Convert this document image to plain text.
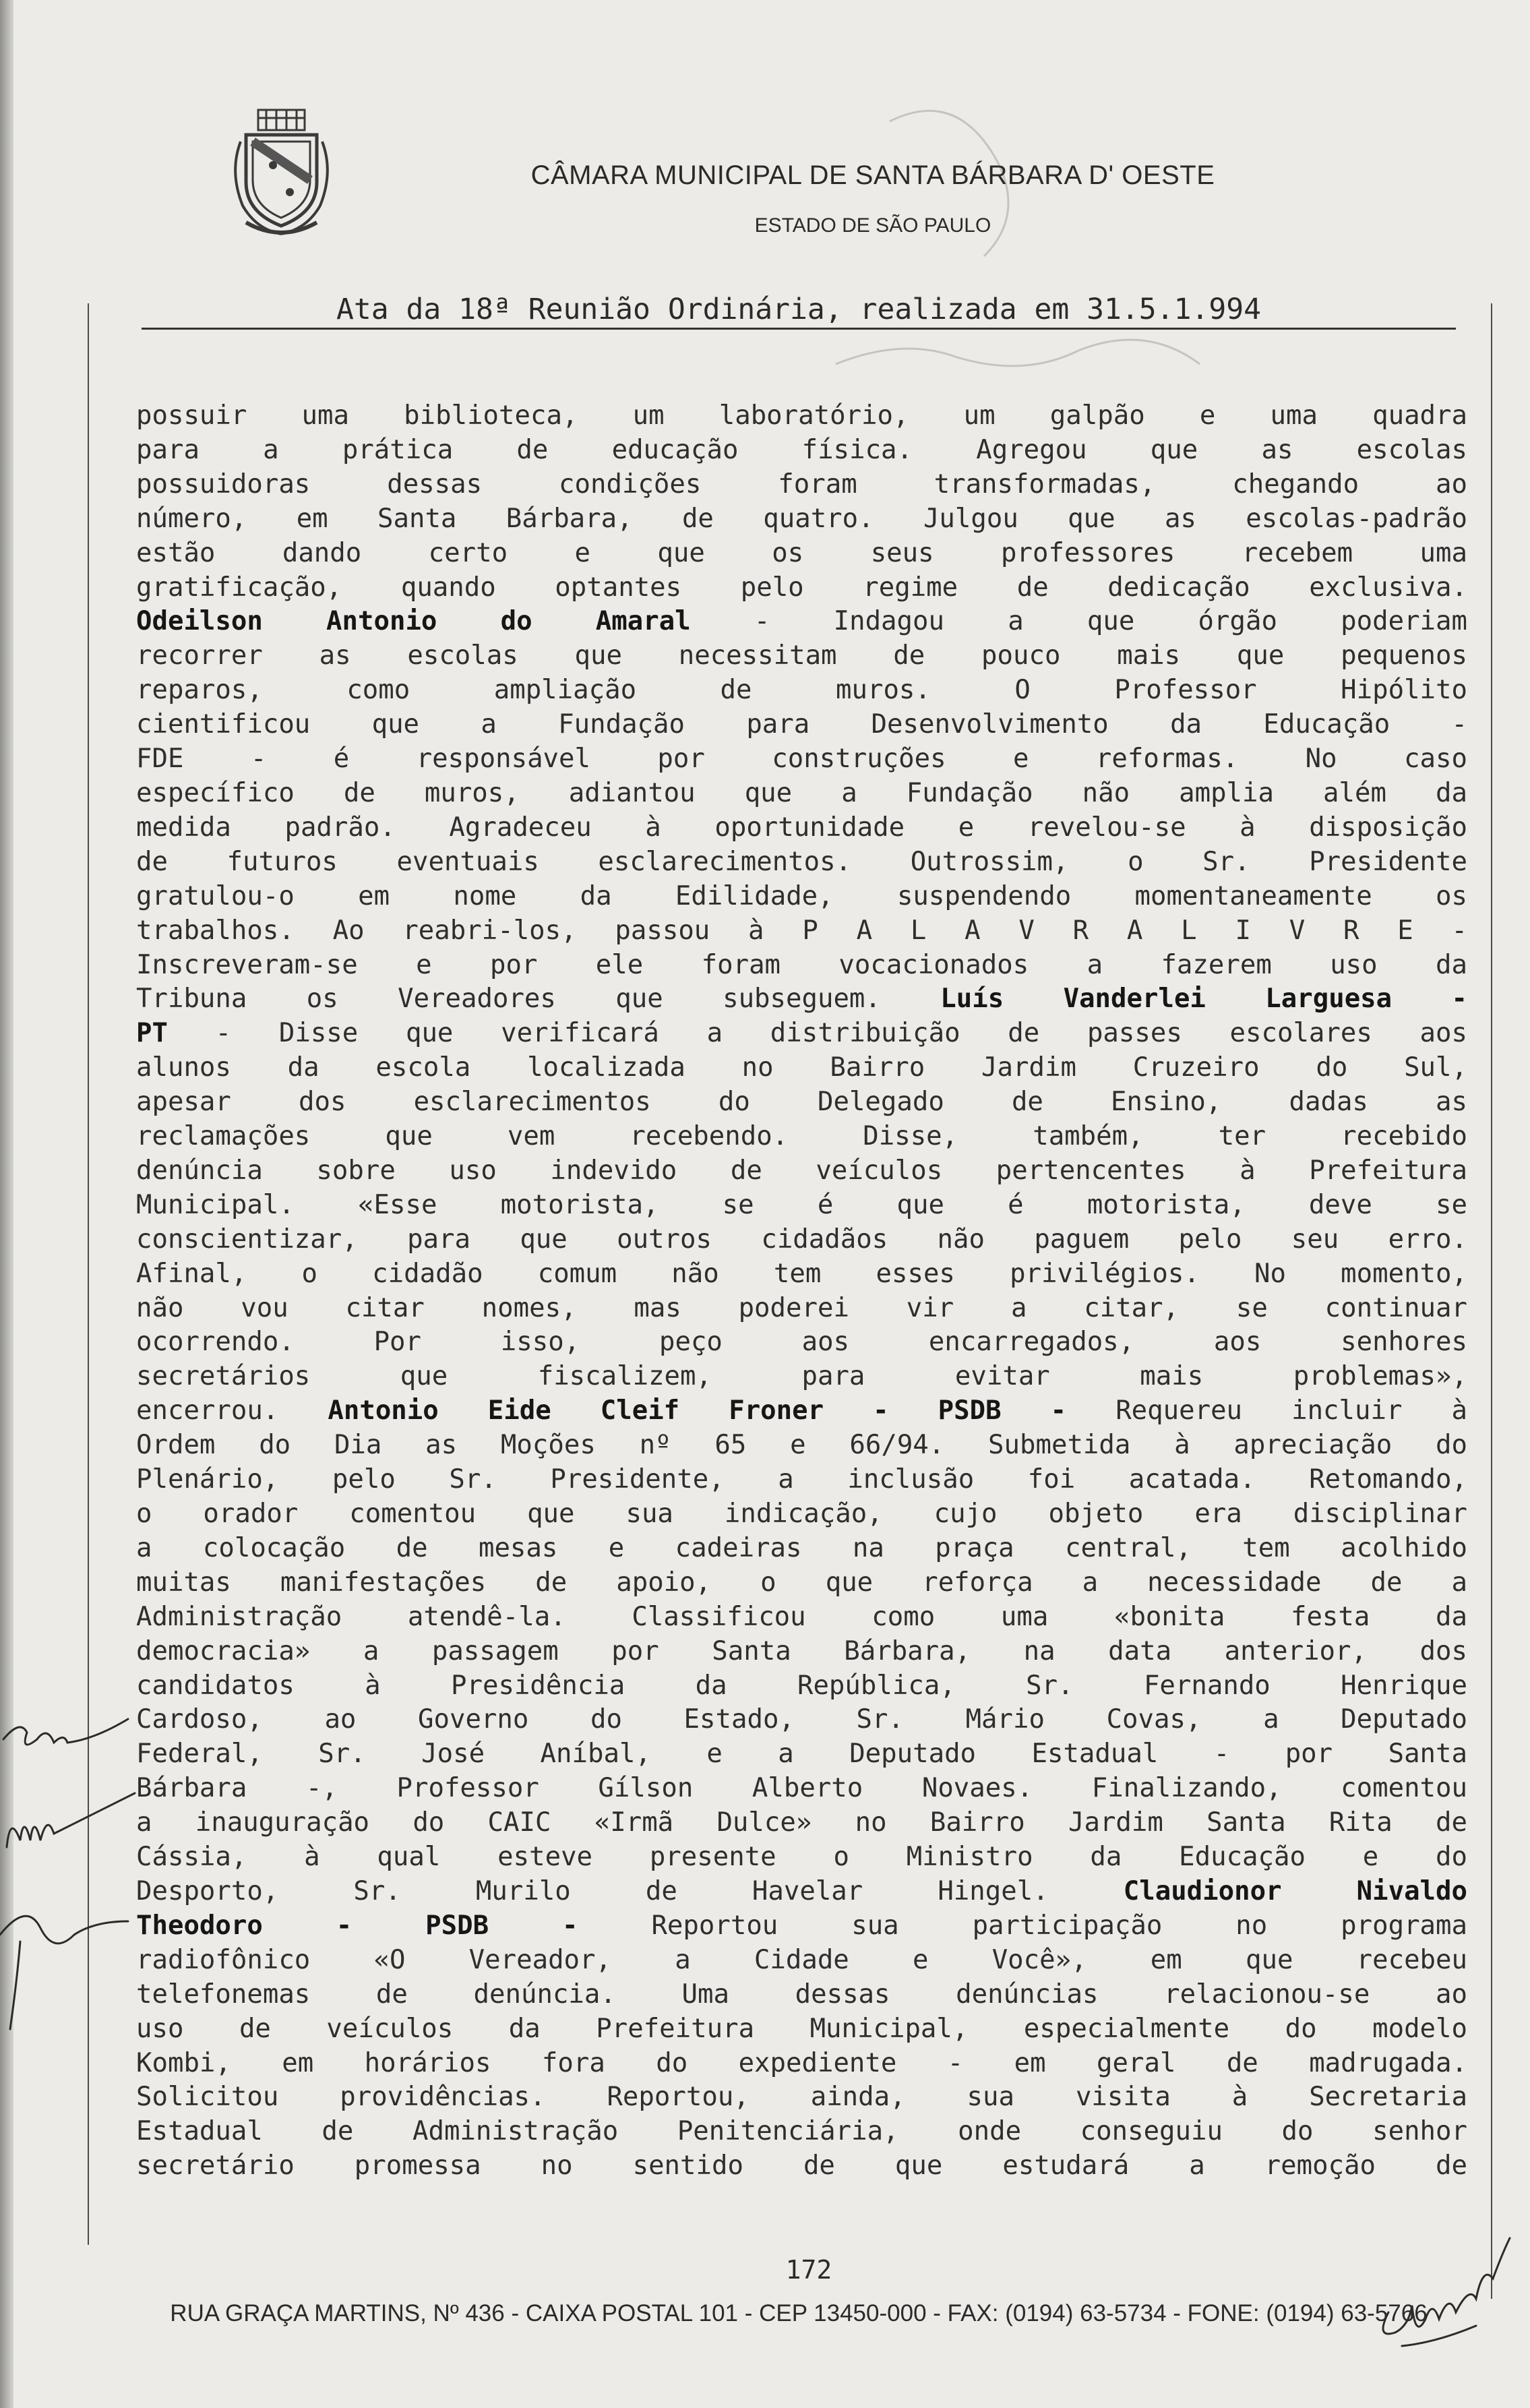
CÂMARA MUNICIPAL DE SANTA BÁRBARA D' OESTE
ESTADO DE SÃO PAULO
Ata da 18ª Reunião Ordinária, realizada em 31.5.1.994
possuir uma biblioteca, um laboratório, um galpão e uma quadra
para a prática de educação física. Agregou que as escolas
possuidoras dessas condições foram transformadas, chegando ao
número, em Santa Bárbara, de quatro. Julgou que as escolas-padrão
estão dando certo e que os seus professores recebem uma
gratificação, quando optantes pelo regime de dedicação exclusiva.
Odeilson Antonio do Amaral - Indagou a que órgão poderiam
recorrer as escolas que necessitam de pouco mais que pequenos
reparos, como ampliação de muros. O Professor Hipólito
cientificou que a Fundação para Desenvolvimento da Educação -
FDE - é responsável por construções e reformas. No caso
específico de muros, adiantou que a Fundação não amplia além da
medida padrão. Agradeceu à oportunidade e revelou-se à disposição
de futuros eventuais esclarecimentos. Outrossim, o Sr. Presidente
gratulou-o em nome da Edilidade, suspendendo momentaneamente os
trabalhos. Ao reabri-los, passou à P A L A V R A L I V R E -
Inscreveram-se e por ele foram vocacionados a fazerem uso da
Tribuna os Vereadores que subseguem. Luís Vanderlei Larguesa -
PT - Disse que verificará a distribuição de passes escolares aos
alunos da escola localizada no Bairro Jardim Cruzeiro do Sul,
apesar dos esclarecimentos do Delegado de Ensino, dadas as
reclamações que vem recebendo. Disse, também, ter recebido
denúncia sobre uso indevido de veículos pertencentes à Prefeitura
Municipal. «Esse motorista, se é que é motorista, deve se
conscientizar, para que outros cidadãos não paguem pelo seu erro.
Afinal, o cidadão comum não tem esses privilégios. No momento,
não vou citar nomes, mas poderei vir a citar, se continuar
ocorrendo. Por isso, peço aos encarregados, aos senhores
secretários que fiscalizem, para evitar mais problemas»,
encerrou. Antonio Eide Cleif Froner - PSDB - Requereu incluir à
Ordem do Dia as Moções nº 65 e 66/94. Submetida à apreciação do
Plenário, pelo Sr. Presidente, a inclusão foi acatada. Retomando,
o orador comentou que sua indicação, cujo objeto era disciplinar
a colocação de mesas e cadeiras na praça central, tem acolhido
muitas manifestações de apoio, o que reforça a necessidade de a
Administração atendê-la. Classificou como uma «bonita festa da
democracia» a passagem por Santa Bárbara, na data anterior, dos
candidatos à Presidência da República, Sr. Fernando Henrique
Cardoso, ao Governo do Estado, Sr. Mário Covas, a Deputado
Federal, Sr. José Aníbal, e a Deputado Estadual - por Santa
Bárbara -, Professor Gílson Alberto Novaes. Finalizando, comentou
a inauguração do CAIC «Irmã Dulce» no Bairro Jardim Santa Rita de
Cássia, à qual esteve presente o Ministro da Educação e do
Desporto, Sr. Murilo de Havelar Hingel. Claudionor Nivaldo
Theodoro - PSDB - Reportou sua participação no programa
radiofônico «O Vereador, a Cidade e Você», em que recebeu
telefonemas de denúncia. Uma dessas denúncias relacionou-se ao
uso de veículos da Prefeitura Municipal, especialmente do modelo
Kombi, em horários fora do expediente - em geral de madrugada.
Solicitou providências. Reportou, ainda, sua visita à Secretaria
Estadual de Administração Penitenciária, onde conseguiu do senhor
secretário promessa no sentido de que estudará a remoção de
172
RUA GRAÇA MARTINS, Nº 436 - CAIXA POSTAL 101 - CEP 13450-000 - FAX: (0194) 63-5734 - FONE: (0194) 63-5766
